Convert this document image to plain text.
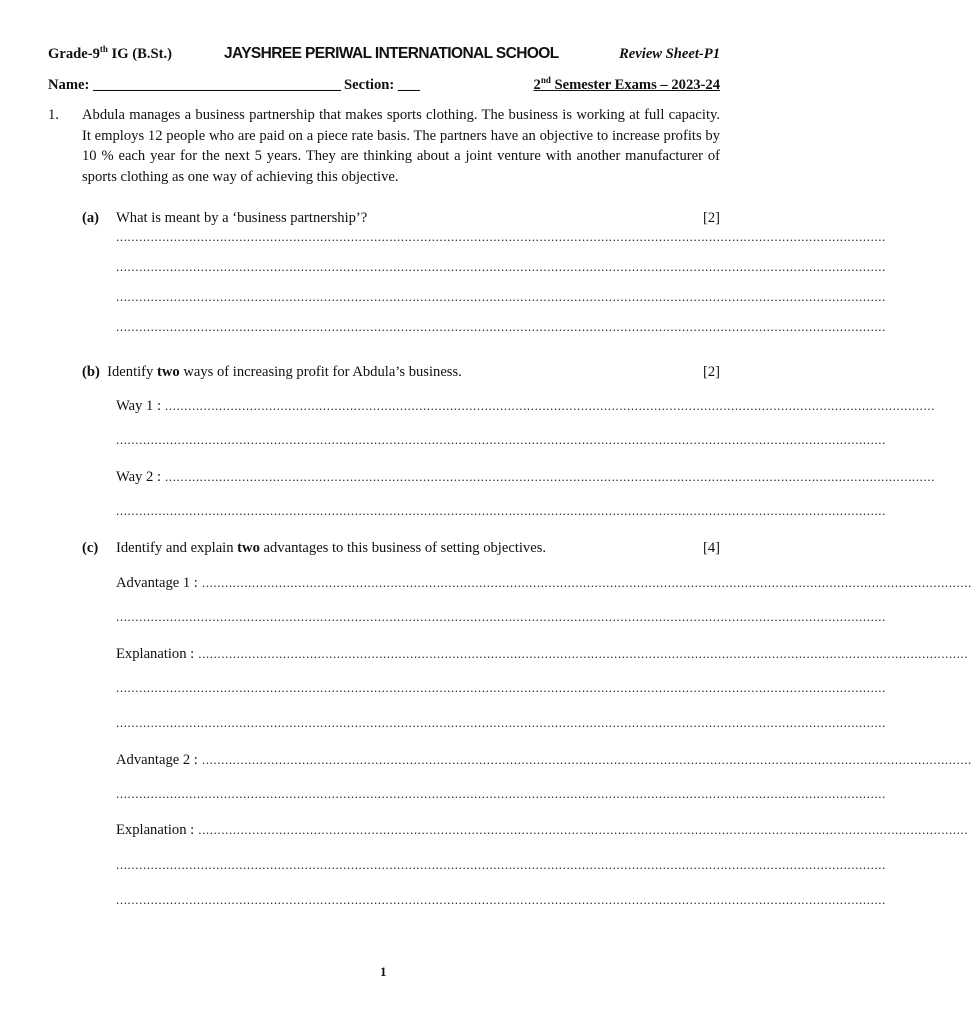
Grade-9th IG (B.St.)	JAYSHREE PERIWAL INTERNATIONAL SCHOOL	Review Sheet-P1
Name: __________________________________ Section: ___	2nd Semester Exams – 2023-24
1. Abdula manages a business partnership that makes sports clothing. The business is working at full capacity. It employs 12 people who are paid on a piece rate basis. The partners have an objective to increase profits by 10 % each year for the next 5 years. They are thinking about a joint venture with another manufacturer of sports clothing as one way of achieving this objective.
(a) What is meant by a ‘business partnership’?	[2]
........................................................................................................................................................................................................
........................................................................................................................................................................................................
........................................................................................................................................................................................................
........................................................................................................................................................................................................
(b) Identify two ways of increasing profit for Abdula’s business.	[2]
Way 1 : ........................................................................................................................................................................................................
........................................................................................................................................................................................................
Way 2 : ........................................................................................................................................................................................................
........................................................................................................................................................................................................
(c) Identify and explain two advantages to this business of setting objectives.	[4]
Advantage 1 : ........................................................................................................................................................................................................
........................................................................................................................................................................................................
Explanation : ........................................................................................................................................................................................................
........................................................................................................................................................................................................
........................................................................................................................................................................................................
Advantage 2 : ........................................................................................................................................................................................................
........................................................................................................................................................................................................
Explanation : ........................................................................................................................................................................................................
........................................................................................................................................................................................................
........................................................................................................................................................................................................
1
